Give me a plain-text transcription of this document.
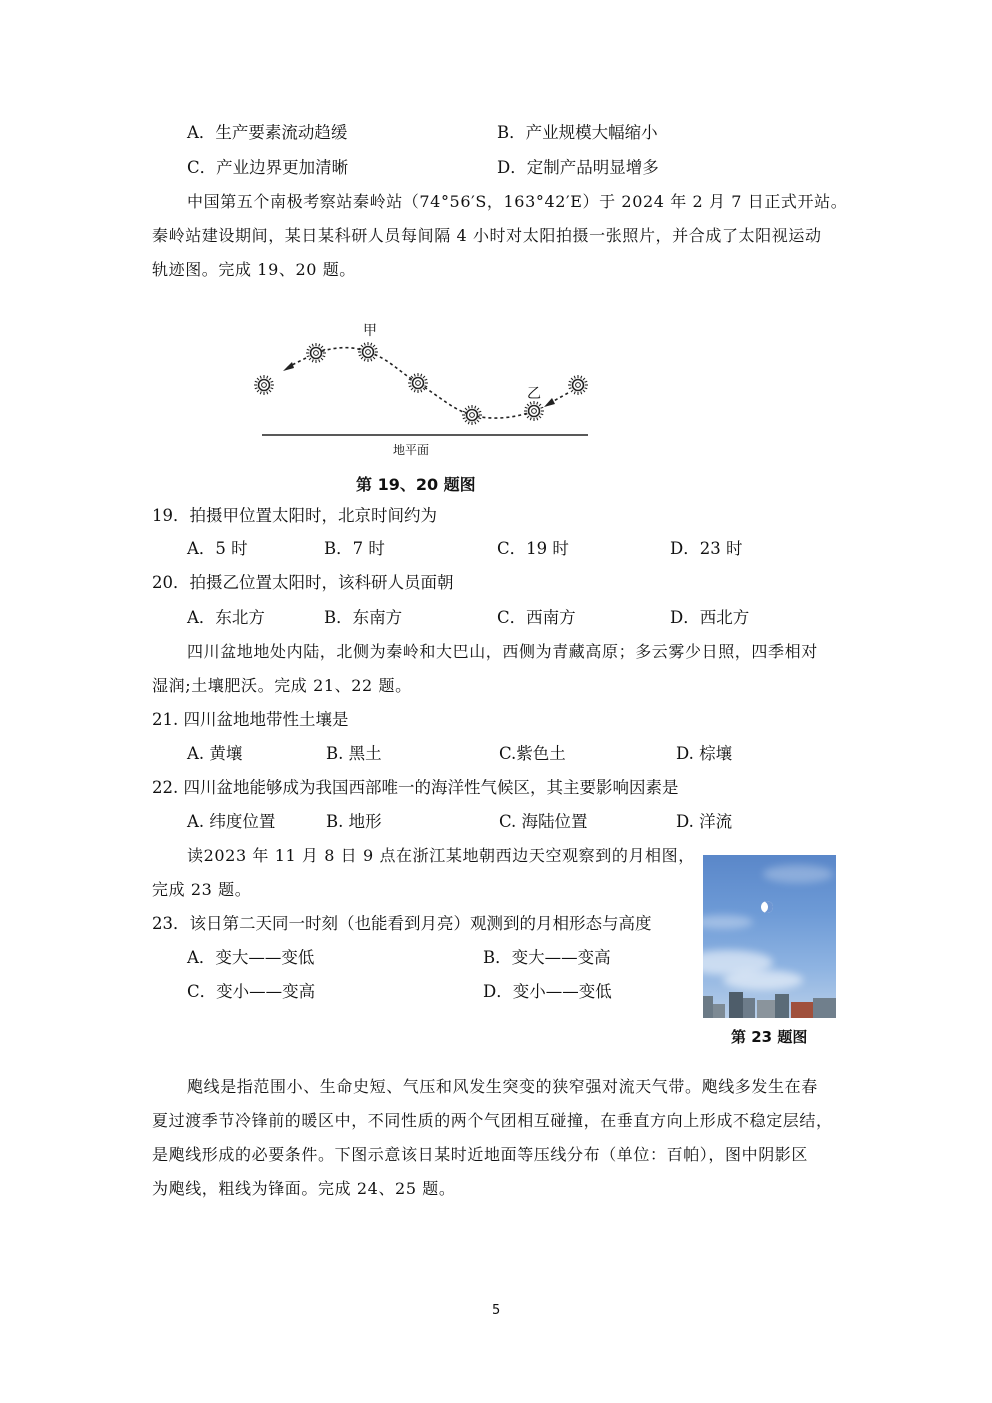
A．生产要素流动趋缓	B．产业规模大幅缩小
C．产业边界更加清晰	D．定制产品明显增多
中国第五个南极考察站秦岭站（74°56′S，163°42′E）于 2024 年 2 月 7 日正式开站。
秦岭站建设期间，某日某科研人员每间隔 4 小时对太阳拍摄一张照片，并合成了太阳视运动
轨迹图。完成 19、20 题。
甲
乙
地平面
第 19、20 题图
19．拍摄甲位置太阳时，北京时间约为
A．5 时	B．7 时	C．19 时	D．23 时
20．拍摄乙位置太阳时，该科研人员面朝
A．东北方	B．东南方	C．西南方	D．西北方
四川盆地地处内陆，北侧为秦岭和大巴山，西侧为青藏高原；多云雾少日照，四季相对
湿润;土壤肥沃。完成 21、22 题。
21. 四川盆地地带性土壤是
A. 黄壤	B. 黑土	C.紫色土	D. 棕壤
22. 四川盆地能够成为我国西部唯一的海洋性气候区，其主要影响因素是
A. 纬度位置	B. 地形	C. 海陆位置	D. 洋流
读2023 年 11 月 8 日 9 点在浙江某地朝西边天空观察到的月相图，
完成 23 题。
23．该日第二天同一时刻（也能看到月亮）观测到的月相形态与高度
A．变大——变低	B．变大——变高
C．变小——变高	D．变小——变低
第 23 题图
飑线是指范围小、生命史短、气压和风发生突变的狭窄强对流天气带。飑线多发生在春
夏过渡季节冷锋前的暖区中，不同性质的两个气团相互碰撞，在垂直方向上形成不稳定层结，
是飑线形成的必要条件。下图示意该日某时近地面等压线分布（单位：百帕），图中阴影区
为飑线，粗线为锋面。完成 24、25 题。
5
